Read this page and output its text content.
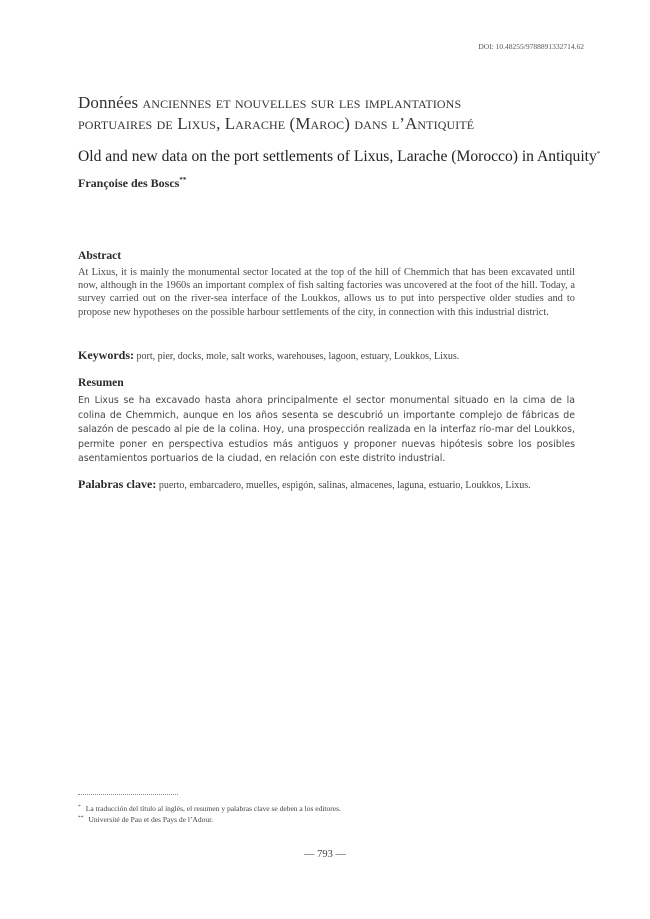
DOI: 10.48255/9788891332714.62
Données anciennes et nouvelles sur les implantations
portuaires de Lixus, Larache (Maroc) dans l’Antiquité
Old and new data on the port settlements of Lixus, Larache (Morocco) in Antiquity*
Françoise des Boscs**
Abstract
At Lixus, it is mainly the monumental sector located at the top of the hill of Chemmich that has been excavated until now, although in the 1960s an important complex of fish salting factories was uncovered at the foot of the hill. Today, a survey carried out on the river-sea interface of the Loukkos, allows us to put into perspective older studies and to propose new hypotheses on the possible harbour settlements of the city, in connection with this industrial district.
Keywords: port, pier, docks, mole, salt works, warehouses, lagoon, estuary, Loukkos, Lixus.
Resumen
En Lixus se ha excavado hasta ahora principalmente el sector monumental situado en la cima de la colina de Chemmich, aunque en los años sesenta se descubrió un importante complejo de fábricas de salazón de pescado al pie de la colina. Hoy, una prospección realizada en la interfaz río-mar del Loukkos, permite poner en perspectiva estudios más antiguos y proponer nuevas hipótesis sobre los posibles asentamientos portuarios de la ciudad, en relación con este distrito industrial.
Palabras clave: puerto, embarcadero, muelles, espigón, salinas, almacenes, laguna, estuario, Loukkos, Lixus.
* La traducción del título al inglés, el resumen y palabras clave se deben a los editores.
** Université de Pau et des Pays de l’Adour.
— 793 —
